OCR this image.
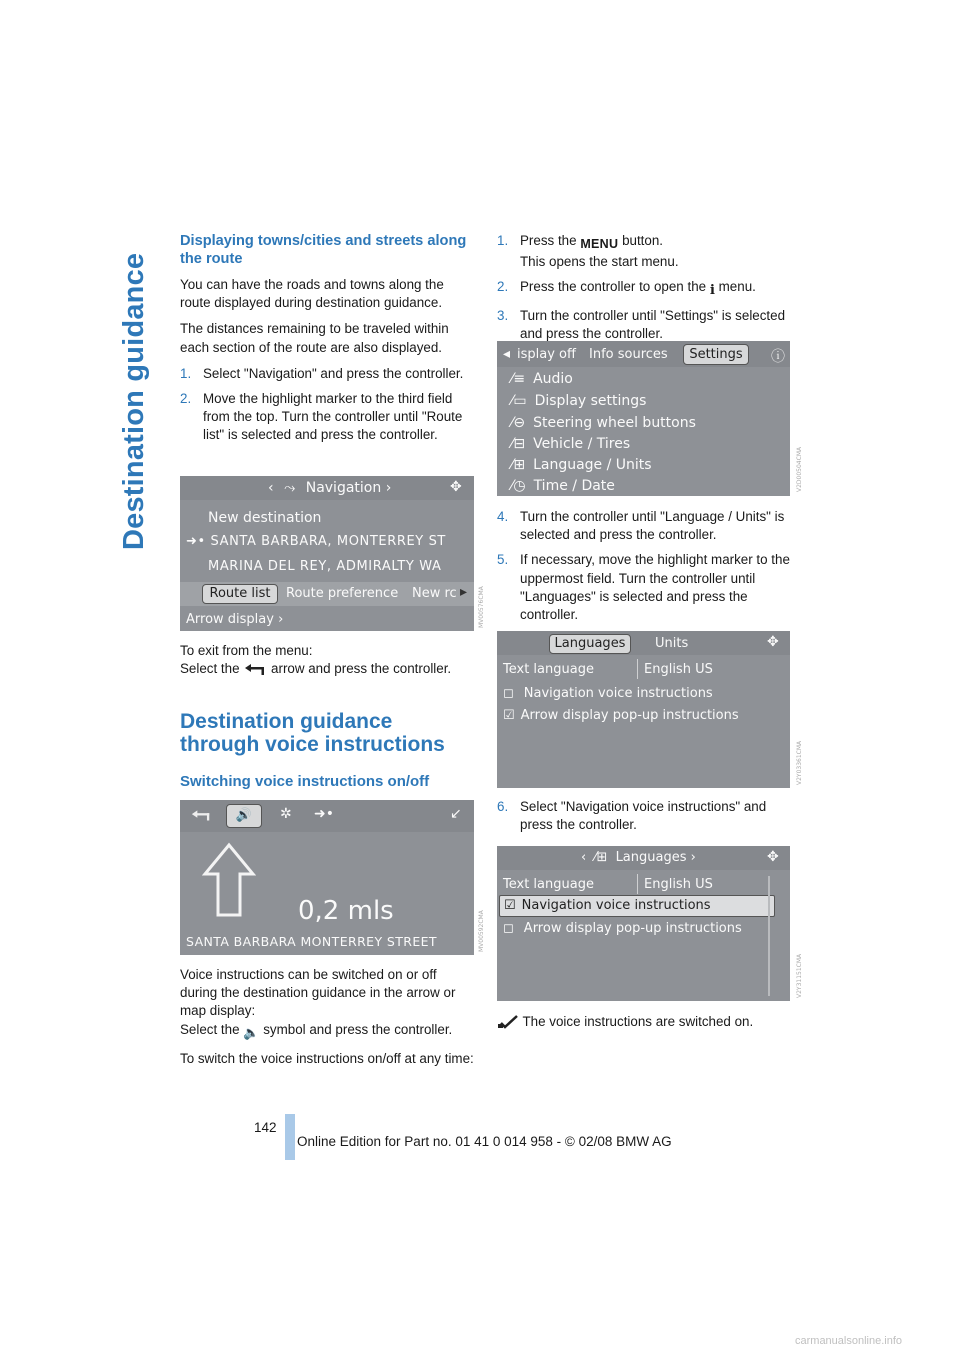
Destination guidance
Displaying towns/cities and streets along the route

You can have the roads and towns along the route displayed during destination guidance.

The distances remaining to be traveled within each section of the route are also displayed.

1. Select "Navigation" and press the controller.
2. Move the highlight marker to the third field from the top. Turn the controller until "Route list" is selected and press the controller.
‹ ⤳ Navigation ›	✥
New destination
➜• SANTA BARBARA, MONTERREY ST
MARINA DEL REY, ADMIRALTY WA
Route list	Route preference	New rc ▸
Arrow display ›	MV00576CMA
To exit from the menu:
Select the arrow and press the controller.
Destination guidance through voice instructions
Switching voice instructions on/off
🔊	✲	➜•	↙
0,2 mls
SANTA BARBARA MONTERREY STREET	MV00592CMA

Voice instructions can be switched on or off during the destination guidance in the arrow or map display:

Select the 🔈 symbol and press the controller.

To switch the voice instructions on/off at any time:

1. Press the MENU button.
This opens the start menu.
2. Press the controller to open the i menu.
3. Turn the controller until "Settings" is selected and press the controller.
◂ isplay off	Info sources	Settings	ⓘ
⁄≡ Audio
⁄▭ Display settings
⁄⊖ Steering wheel buttons
⁄⊟ Vehicle / Tires
⁄⊞ Language / Units
⁄◷ Time / Date	V2D00504CMA
4. Turn the controller until "Language / Units" is selected and press the controller.
5. If necessary, move the highlight marker to the uppermost field. Turn the controller until "Languages" is selected and press the controller.
Languages	Units	✥
Text language	English US
◻ Navigation voice instructions
☑ Arrow display pop-up instructions
V2Y03361CMA
6. Select "Navigation voice instructions" and press the controller.
‹ ⁄⊞ Languages ›	✥
Text language	English US
☑ Navigation voice instructions
◻ Arrow display pop-up instructions
V2Y31151CMA
The voice instructions are switched on.
142
Online Edition for Part no. 01 41 0 014 958 - © 02/08 BMW AG
carmanualsonline.info
